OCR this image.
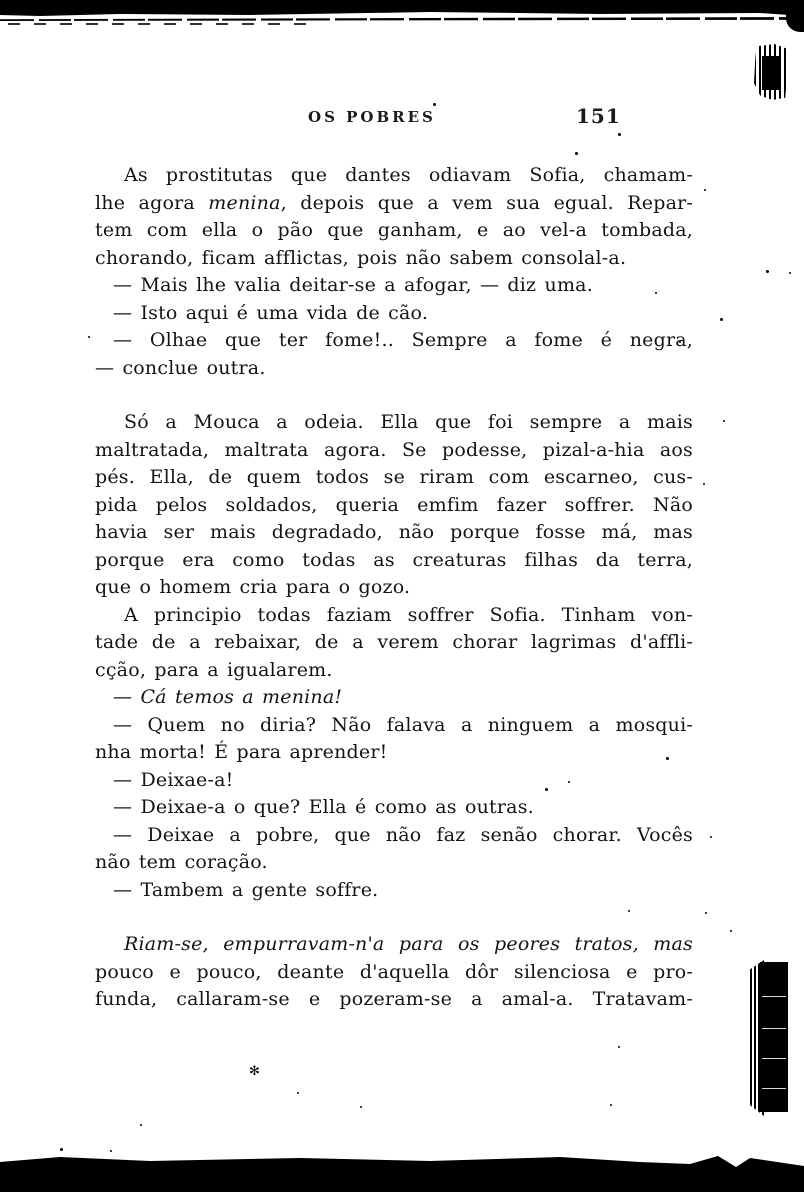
✻
OS POBRES	151
As prostitutas que dantes odiavam Sofia, chamam-
lhe agora menina, depois que a vem sua egual. Repar-
tem com ella o pão que ganham, e ao vel-a tombada,
chorando, ficam afflictas, pois não sabem consolal-a.
— Mais lhe valia deitar-se a afogar, — diz uma.
— Isto aqui é uma vida de cão.
— Olhae que ter fome!.. Sempre a fome é negra,
— conclue outra.
Só a Mouca a odeia. Ella que foi sempre a mais
maltratada, maltrata agora. Se podesse, pizal-a-hia aos
pés. Ella, de quem todos se riram com escarneo, cus-
pida pelos soldados, queria emfim fazer soffrer. Não
havia ser mais degradado, não porque fosse má, mas
porque era como todas as creaturas filhas da terra,
que o homem cria para o gozo.
A principio todas faziam soffrer Sofia. Tinham von-
tade de a rebaixar, de a verem chorar lagrimas d'affli-
cção, para a igualarem.
— Cá temos a menina!
— Quem no diria? Não falava a ninguem a mosqui-
nha morta! É para aprender!
— Deixae-a!
— Deixae-a o que? Ella é como as outras.
— Deixae a pobre, que não faz senão chorar. Vocês
não tem coração.
— Tambem a gente soffre.
Riam-se, empurravam-n'a para os peores tratos, mas
pouco e pouco, deante d'aquella dôr silenciosa e pro-
funda, callaram-se e pozeram-se a amal-a. Tratavam-
